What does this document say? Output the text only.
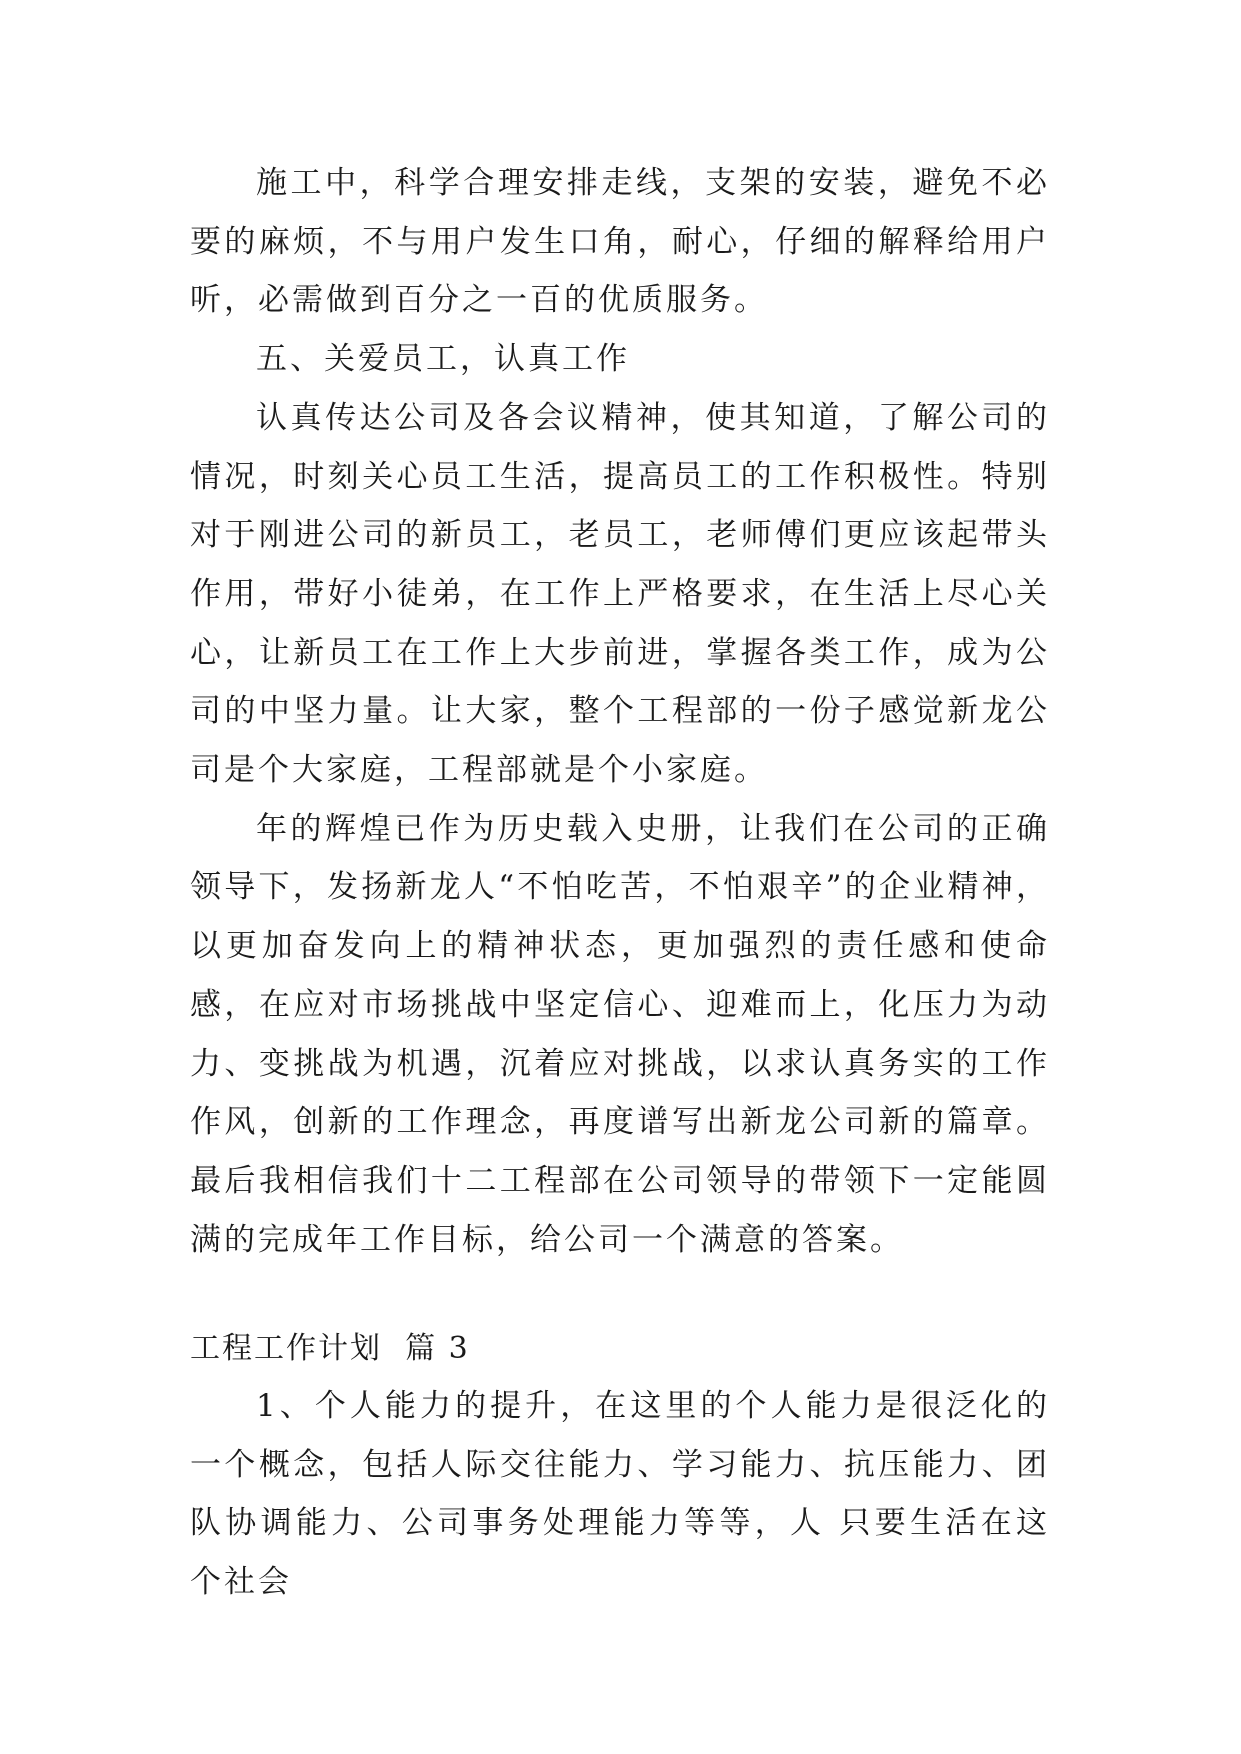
施工中，科学合理安排走线，支架的安装，避免不必要的麻烦，不与用户发生口角，耐心，仔细的解释给用户听，必需做到百分之一百的优质服务。

五、关爱员工，认真工作

认真传达公司及各会议精神，使其知道，了解公司的情况，时刻关心员工生活，提高员工的工作积极性。特别对于刚进公司的新员工，老员工，老师傅们更应该起带头作用，带好小徒弟，在工作上严格要求，在生活上尽心关心，让新员工在工作上大步前进，掌握各类工作，成为公司的中坚力量。让大家，整个工程部的一份子感觉新龙公司是个大家庭，工程部就是个小家庭。

年的辉煌已作为历史载入史册，让我们在公司的正确领导下，发扬新龙人“不怕吃苦，不怕艰辛”的企业精神，以更加奋发向上的精神状态，更加强烈的责任感和使命感，在应对市场挑战中坚定信心、迎难而上，化压力为动力、变挑战为机遇，沉着应对挑战，以求认真务实的工作作风，创新的工作理念，再度谱写出新龙公司新的篇章。最后我相信我们十二工程部在公司领导的带领下一定能圆满的完成年工作目标，给公司一个满意的答案。

工程工作计划  篇 3

1、个人能力的提升，在这里的个人能力是很泛化的一个概念，包括人际交往能力、学习能力、抗压能力、团队协调能力、公司事务处理能力等等，人 只要生活在这个社会
